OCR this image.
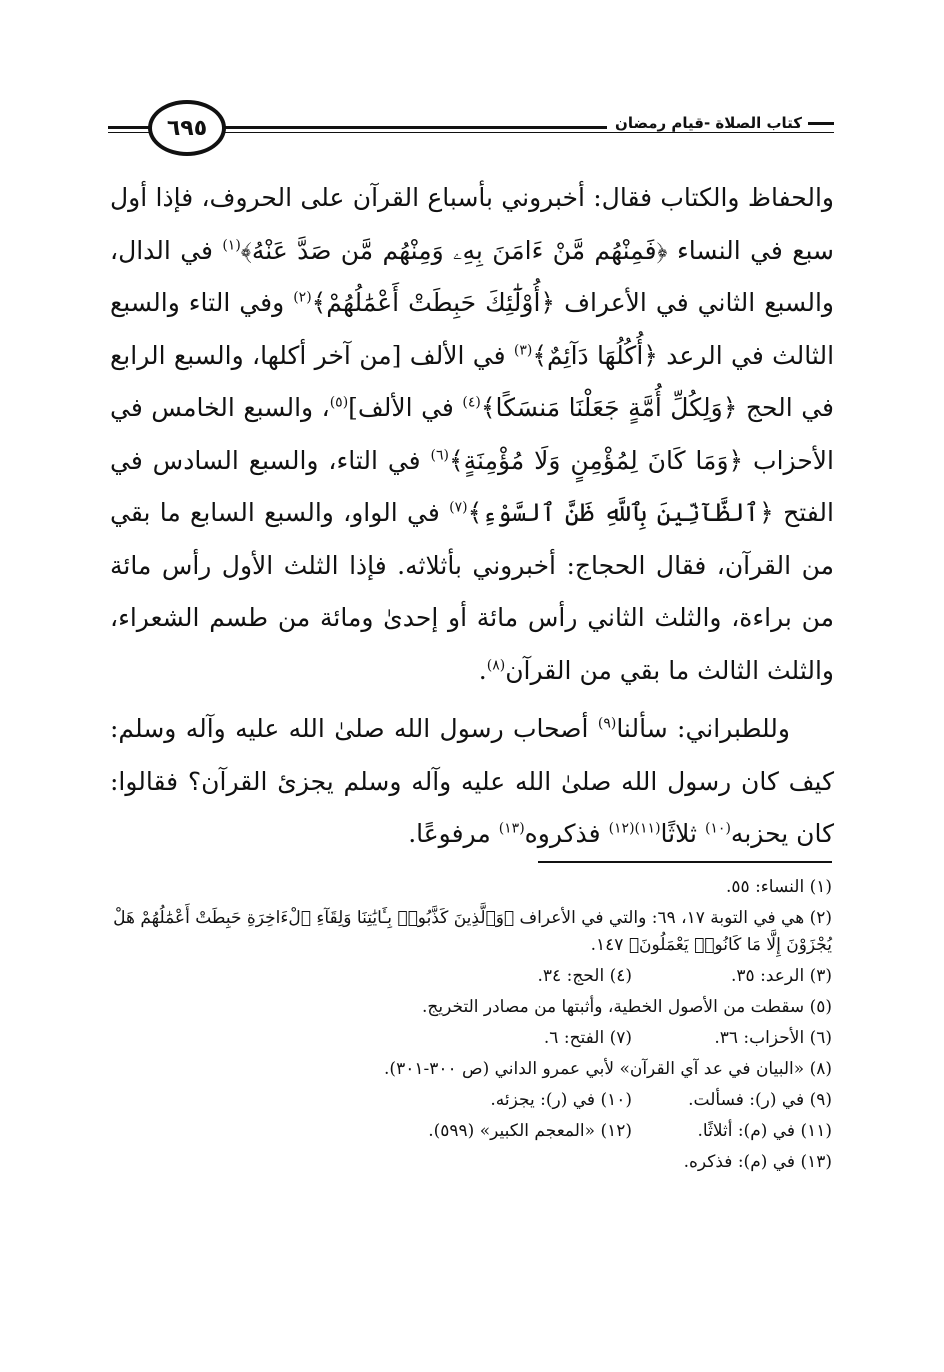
٦٩٥	كتاب الصلاة -قيام رمضان

والحفاظ والكتاب فقال: أخبروني بأسباع القرآن على الحروف، فإذا أول سبع في النساء ﴿فَمِنْهُم مَّنْ ءَامَنَ بِهِۦ وَمِنْهُم مَّن صَدَّ عَنْهُ﴾$^{(١)}$ في الدال، والسبع الثاني في الأعراف ﴿أُوْلَٰٓئِكَ حَبِطَتْ أَعْمَٰلُهُمْ﴾$^{(٢)}$ وفي التاء والسبع الثالث في الرعد ﴿أُكُلُهَا دَآئِمٌ﴾$^{(٣)}$ في الألف [من آخر أكلها، والسبع الرابع في الحج ﴿وَلِكُلِّ أُمَّةٍ جَعَلْنَا مَنسَكًا﴾$^{(٤)}$ في الألف]$^{(٥)}$، والسبع الخامس في الأحزاب ﴿وَمَا كَانَ لِمُؤْمِنٍ وَلَا مُؤْمِنَةٍ﴾$^{(٦)}$ في التاء، والسبع السادس في الفتح ﴿ٱلظَّآنِّينَ بِٱللَّهِ ظَنَّ ٱلسَّوْءِ﴾$^{(٧)}$ في الواو، والسبع السابع ما بقي من القرآن، فقال الحجاج: أخبروني بأثلاثه. فإذا الثلث الأول رأس مائة من براءة، والثلث الثاني رأس مائة أو إحدىٰ ومائة من طسم الشعراء، والثلث الثالث ما بقي من القرآن$^{(٨)}$.

وللطبراني: سألنا$^{(٩)}$ أصحاب رسول الله صلىٰ الله عليه وآله وسلم: كيف كان رسول الله صلىٰ الله عليه وآله وسلم يجزئ القرآن؟ فقالوا: كان يحزبه$^{(١٠)}$ ثلاثًا$^{(١١)(١٢)}$ فذكروه$^{(١٣)}$ مرفوعًا.

(١) النساء: ٥٥.

(٢) هي في التوبة ١٧، ٦٩: والتي في الأعراف ﴿وَٱلَّذِينَ كَذَّبُوا۟ بِـَٔايَٰتِنَا وَلِقَآءِ ٱلْءَاخِرَةِ حَبِطَتْ أَعْمَٰلُهُمْ هَلْ يُجْزَوْنَ إِلَّا مَا كَانُوا۟ يَعْمَلُونَ﴾ ١٤٧.

(٣) الرعد: ٣٥.
(٤) الحج: ٣٤.

(٥) سقطت من الأصول الخطية، وأثبتها من مصادر التخريج.

(٦) الأحزاب: ٣٦.
(٧) الفتح: ٦.

(٨) «البيان في عد آي القرآن» لأبي عمرو الداني (ص ٣٠٠-٣٠١).

(٩) في (ر): فسألت.
(١٠) في (ر): يجزئه.
(١١) في (م): أثلاثًا.
(١٢) «المعجم الكبير» (٥٩٩).

(١٣) في (م): فذكره.
